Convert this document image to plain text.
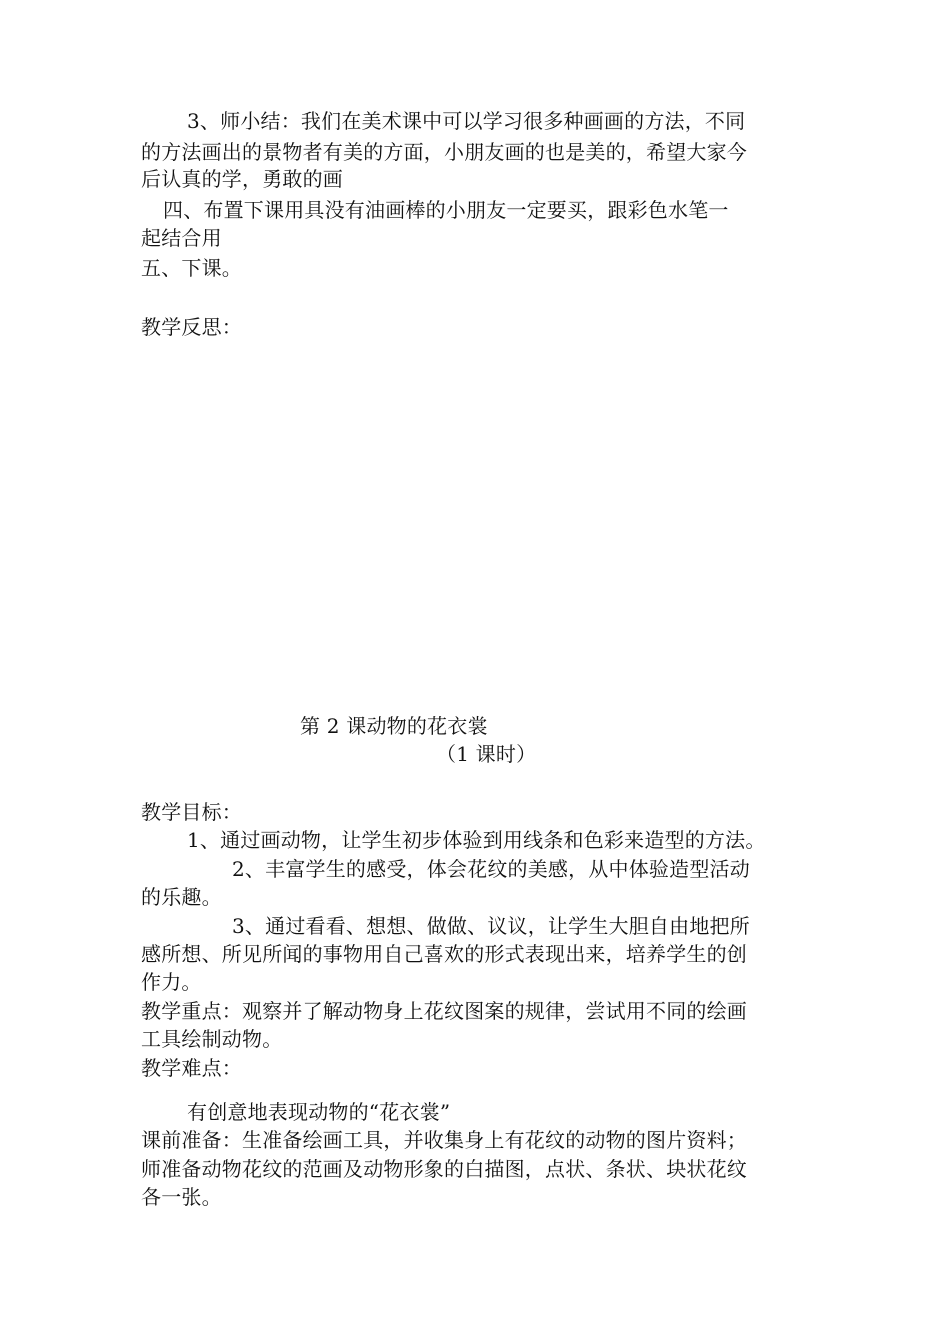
3、师小结：我们在美术课中可以学习很多种画画的方法，不同
的方法画出的景物者有美的方面，小朋友画的也是美的，希望大家今
后认真的学，勇敢的画
四、布置下课用具没有油画棒的小朋友一定要买，跟彩色水笔一
起结合用
五、下课。
教学反思：
第 2 课动物的花衣裳
（1 课时）
教学目标：
1、通过画动物，让学生初步体验到用线条和色彩来造型的方法。
2、丰富学生的感受，体会花纹的美感，从中体验造型活动
的乐趣。
3、通过看看、想想、做做、议议，让学生大胆自由地把所
感所想、所见所闻的事物用自己喜欢的形式表现出来，培养学生的创
作力。
教学重点：观察并了解动物身上花纹图案的规律，尝试用不同的绘画
工具绘制动物。
教学难点：
有创意地表现动物的“花衣裳”
课前准备：生准备绘画工具，并收集身上有花纹的动物的图片资料；
师准备动物花纹的范画及动物形象的白描图，点状、条状、块状花纹
各一张。
